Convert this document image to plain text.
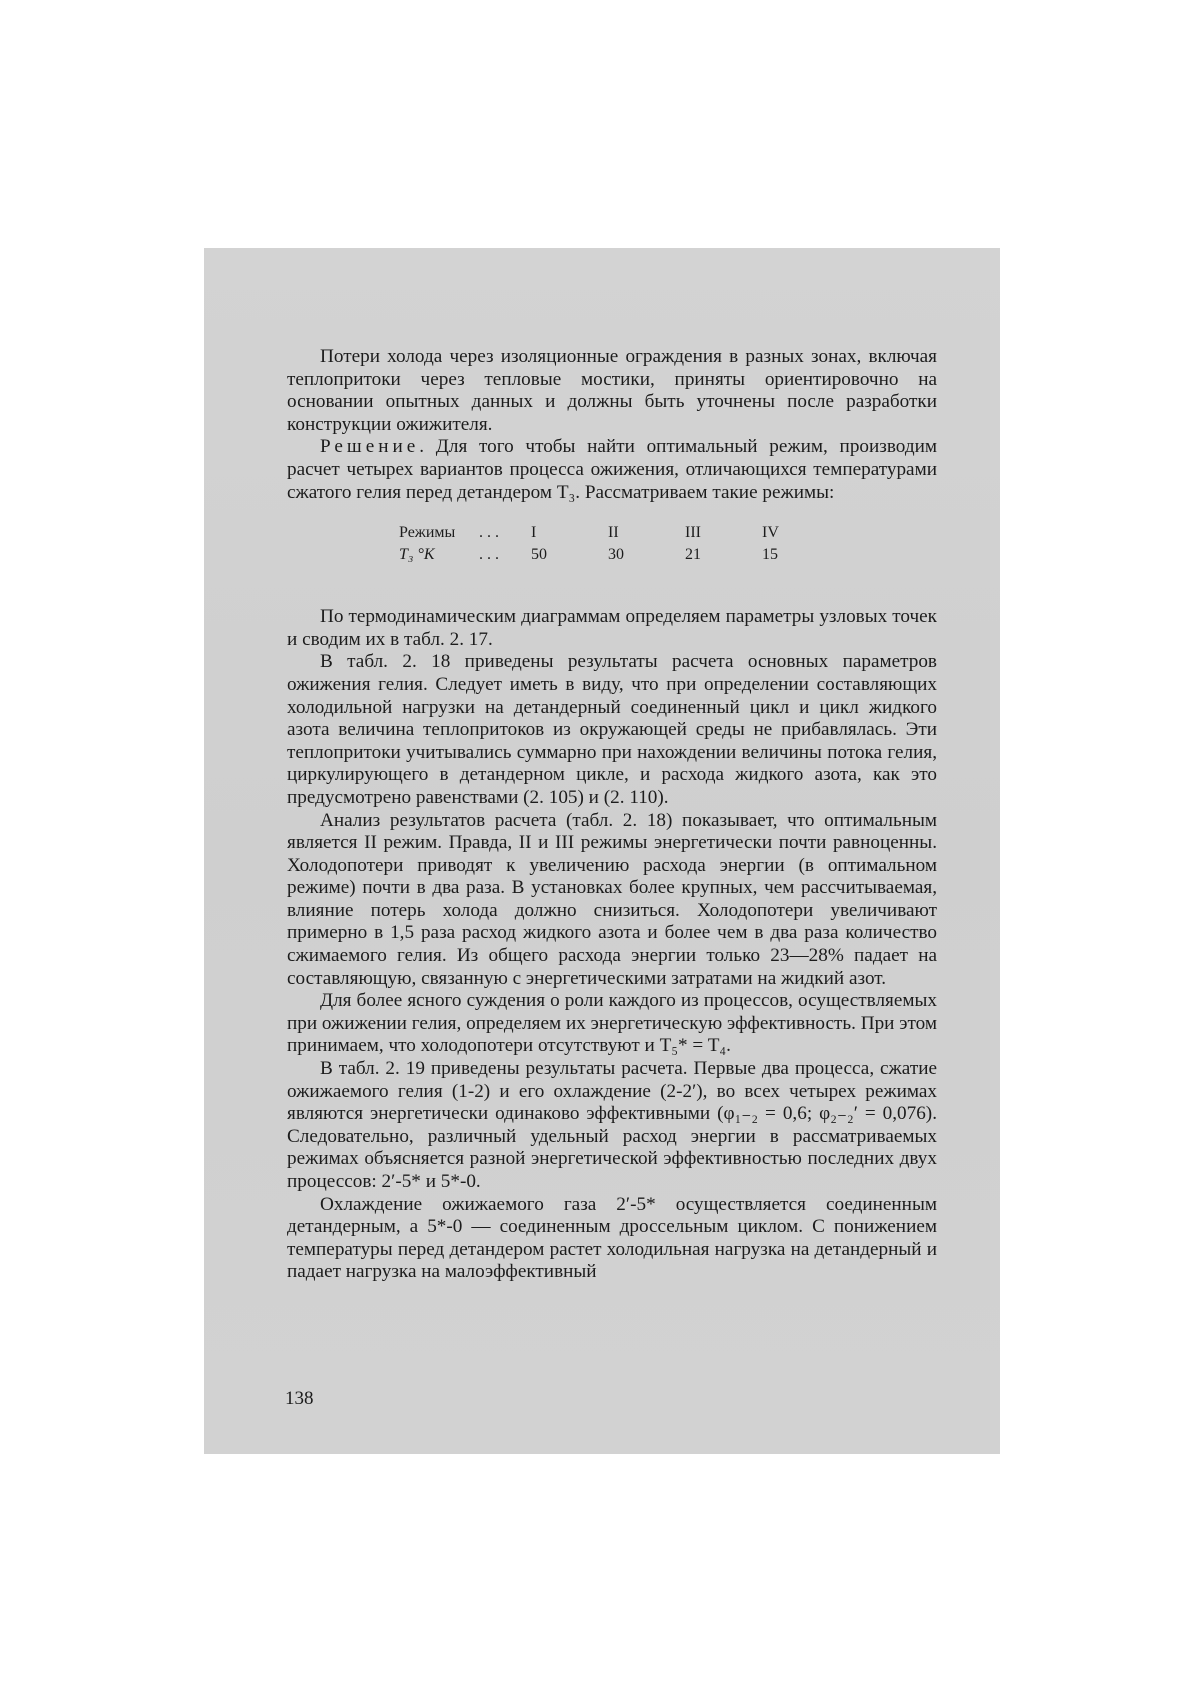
Потери холода через изоляционные ограждения в разных зонах, включая теплопритоки через тепловые мостики, приняты ориентировочно на основании опытных данных и должны быть уточнены после разработки конструкции ожижителя.

Решение. Для того чтобы найти оптимальный режим, производим расчет четырех вариантов процесса ожижения, отличающихся температурами сжатого гелия перед детандером T₃. Рассматриваем такие режимы:

Режимы	. . .	I	II	III	IV
T₃ °K	. . .	50	30	21	15

По термодинамическим диаграммам определяем параметры узловых точек и сводим их в табл. 2. 17.

В табл. 2. 18 приведены результаты расчета основных параметров ожижения гелия. Следует иметь в виду, что при определении составляющих холодильной нагрузки на детандерный соединенный цикл и цикл жидкого азота величина теплопритоков из окружающей среды не прибавлялась. Эти теплопритоки учитывались суммарно при нахождении величины потока гелия, циркулирующего в детандерном цикле, и расхода жидкого азота, как это предусмотрено равенствами (2. 105) и (2. 110).

Анализ результатов расчета (табл. 2. 18) показывает, что оптимальным является II режим. Правда, II и III режимы энергетически почти равноценны. Холодопотери приводят к увеличению расхода энергии (в оптимальном режиме) почти в два раза. В установках более крупных, чем рассчитываемая, влияние потерь холода должно снизиться. Холодопотери увеличивают примерно в 1,5 раза расход жидкого азота и более чем в два раза количество сжимаемого гелия. Из общего расхода энергии только 23—28% падает на составляющую, связанную с энергетическими затратами на жидкий азот.

Для более ясного суждения о роли каждого из процессов, осуществляемых при ожижении гелия, определяем их энергетическую эффективность. При этом принимаем, что холодопотери отсутствуют и T₅* = T₄.

В табл. 2. 19 приведены результаты расчета. Первые два процесса, сжатие ожижаемого гелия (1-2) и его охлаждение (2-2′), во всех четырех режимах являются энергетически одинаково эффективными (φ₁₋₂ = 0,6; φ₂₋₂′ = 0,076). Следовательно, различный удельный расход энергии в рассматриваемых режимах объясняется разной энергетической эффективностью последних двух процессов: 2′-5* и 5*-0.

Охлаждение ожижаемого газа 2′-5* осуществляется соединенным детандерным, а 5*-0 — соединенным дроссельным циклом. С понижением температуры перед детандером растет холодильная нагрузка на детандерный и падает нагрузка на малоэффективный

138
